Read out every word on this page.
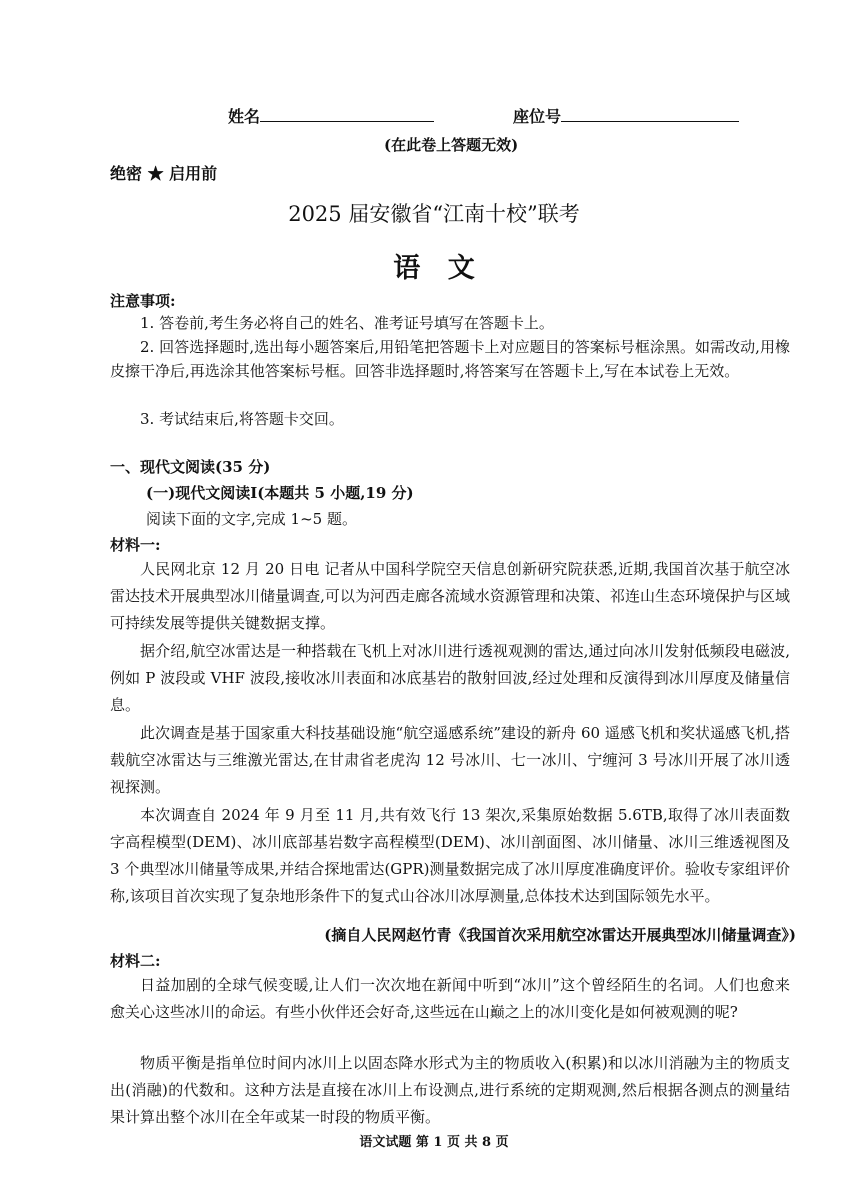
姓名	座位号
(在此卷上答题无效)
绝密 ★ 启用前
2025 届安徽省“江南十校”联考
语 文
注意事项:
1. 答卷前,考生务必将自己的姓名、准考证号填写在答题卡上。
2. 回答选择题时,选出每小题答案后,用铅笔把答题卡上对应题目的答案标号框涂黑。如需改动,用橡皮擦干净后,再选涂其他答案标号框。回答非选择题时,将答案写在答题卡上,写在本试卷上无效。
3. 考试结束后,将答题卡交回。
一、现代文阅读(35 分)
(一)现代文阅读I(本题共 5 小题,19 分)
阅读下面的文字,完成 1~5 题。
材料一:
人民网北京 12 月 20 日电 记者从中国科学院空天信息创新研究院获悉,近期,我国首次基于航空冰雷达技术开展典型冰川储量调查,可以为河西走廊各流域水资源管理和决策、祁连山生态环境保护与区域可持续发展等提供关键数据支撑。
据介绍,航空冰雷达是一种搭载在飞机上对冰川进行透视观测的雷达,通过向冰川发射低频段电磁波,例如 P 波段或 VHF 波段,接收冰川表面和冰底基岩的散射回波,经过处理和反演得到冰川厚度及储量信息。
此次调查是基于国家重大科技基础设施“航空遥感系统”建设的新舟 60 遥感飞机和奖状遥感飞机,搭载航空冰雷达与三维激光雷达,在甘肃省老虎沟 12 号冰川、七一冰川、宁缠河 3 号冰川开展了冰川透视探测。
本次调查自 2024 年 9 月至 11 月,共有效飞行 13 架次,采集原始数据 5.6TB,取得了冰川表面数字高程模型(DEM)、冰川底部基岩数字高程模型(DEM)、冰川剖面图、冰川储量、冰川三维透视图及 3 个典型冰川储量等成果,并结合探地雷达(GPR)测量数据完成了冰川厚度准确度评价。验收专家组评价称,该项目首次实现了复杂地形条件下的复式山谷冰川冰厚测量,总体技术达到国际领先水平。
(摘自人民网赵竹青《我国首次采用航空冰雷达开展典型冰川储量调查》)
材料二:
日益加剧的全球气候变暖,让人们一次次地在新闻中听到“冰川”这个曾经陌生的名词。人们也愈来愈关心这些冰川的命运。有些小伙伴还会好奇,这些远在山巅之上的冰川变化是如何被观测的呢?
物质平衡是指单位时间内冰川上以固态降水形式为主的物质收入(积累)和以冰川消融为主的物质支出(消融)的代数和。这种方法是直接在冰川上布设测点,进行系统的定期观测,然后根据各测点的测量结果计算出整个冰川在全年或某一时段的物质平衡。
语文试题 第 1 页 共 8 页
